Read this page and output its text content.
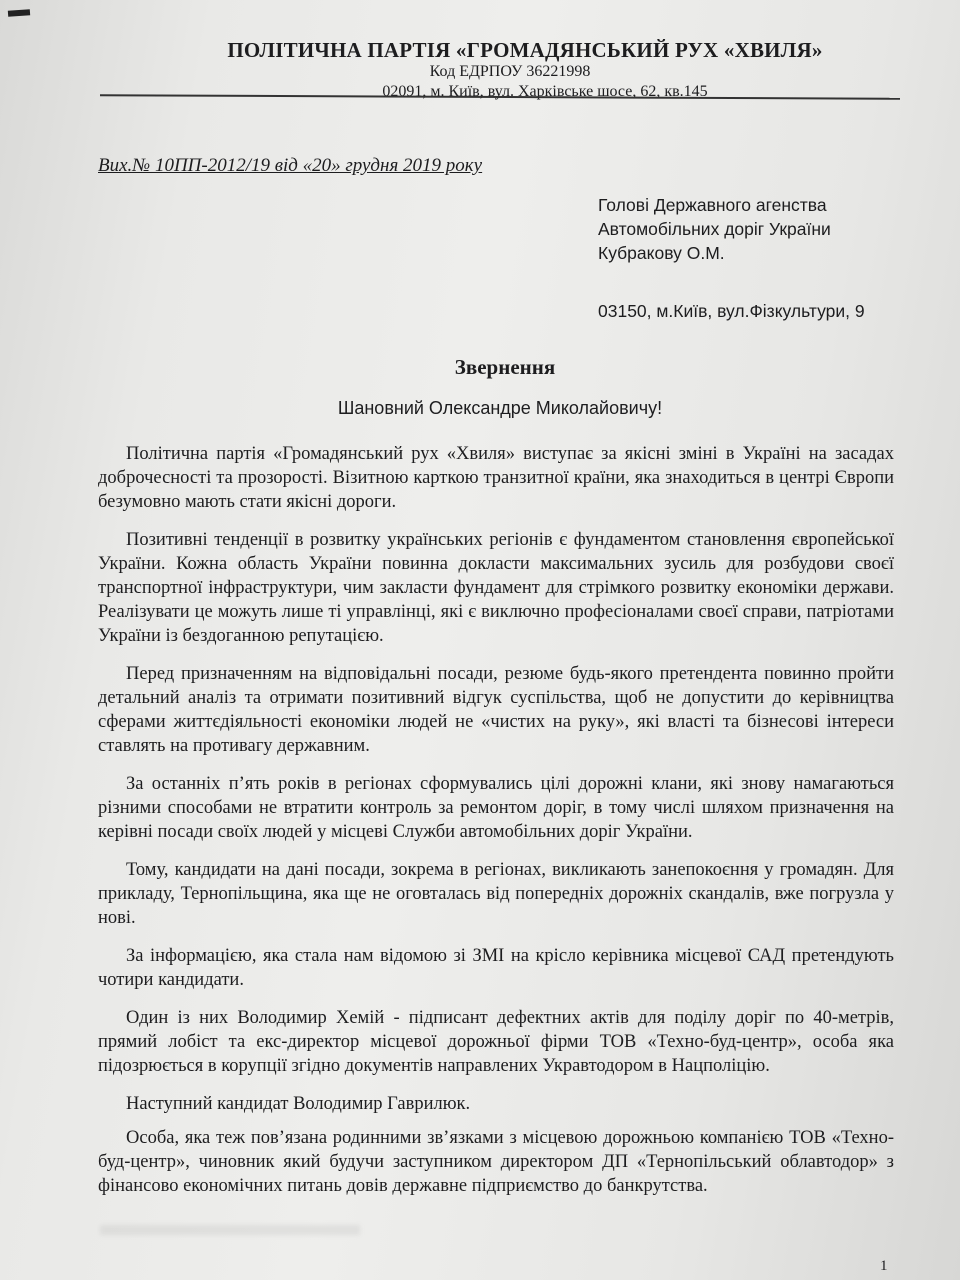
ПОЛІТИЧНА ПАРТІЯ «ГРОМАДЯНСЬКИЙ РУХ «ХВИЛЯ»
Код ЕДРПОУ 36221998
02091, м. Київ, вул. Харківське шосе, 62, кв.145
Вих.№ 10ПП-2012/19 від «20» грудня 2019 року
Голові Державного агенства
Автомобільних доріг України
Кубракову О.М.
03150, м.Київ, вул.Фізкультури, 9
Звернення
Шановний Олександре Миколайовичу!

Політична партія «Громадянський рух «Хвиля» виступає за якісні зміні в Україні на засадах доброчесності та прозорості. Візитною карткою транзитної країни, яка знаходиться в центрі Європи безумовно мають стати якісні дороги.

Позитивні тенденції в розвитку українських регіонів є фундаментом становлення європейської України. Кожна область України повинна докласти максимальних зусиль для розбудови своєї транспортної інфраструктури, чим закласти фундамент для стрімкого розвитку економіки держави. Реалізувати це можуть лише ті управлінці, які є виключно професіоналами своєї справи, патріотами України із бездоганною репутацією.

Перед призначенням на відповідальні посади, резюме будь-якого претендента повинно пройти детальний аналіз та отримати позитивний відгук суспільства, щоб не допустити до керівництва сферами життєдіяльності економіки людей не «чистих на руку», які власті та бізнесові інтереси ставлять на противагу державним.

За останніх п’ять років в регіонах сформувались цілі дорожні клани, які знову намагаються різними способами не втратити контроль за ремонтом доріг, в тому числі шляхом призначення на керівні посади своїх людей у місцеві Служби автомобільних доріг України.

Тому, кандидати на дані посади, зокрема в регіонах, викликають занепокоєння у громадян. Для прикладу, Тернопільщина, яка ще не оговталась від попередніх дорожніх скандалів, вже погрузла у нові.

За інформацією, яка стала нам відомою зі ЗМІ на крісло керівника місцевої САД претендують чотири кандидати.

Один із них Володимир Хемій - підписант дефектних актів для поділу доріг по 40-метрів, прямий лобіст та екс-директор місцевої дорожньої фірми ТОВ «Техно-буд-центр», особа яка підозрюється в корупції згідно документів направлених Укравтодором в Нацполіцію.

Наступний кандидат Володимир Гаврилюк.

Особа, яка теж пов’язана родинними зв’язками з місцевою дорожньою компанією ТОВ «Техно-буд-центр», чиновник який будучи заступником директором ДП «Тернопільський облавтодор» з фінансово економічних питань довів державне підприємство до банкрутства.

1
